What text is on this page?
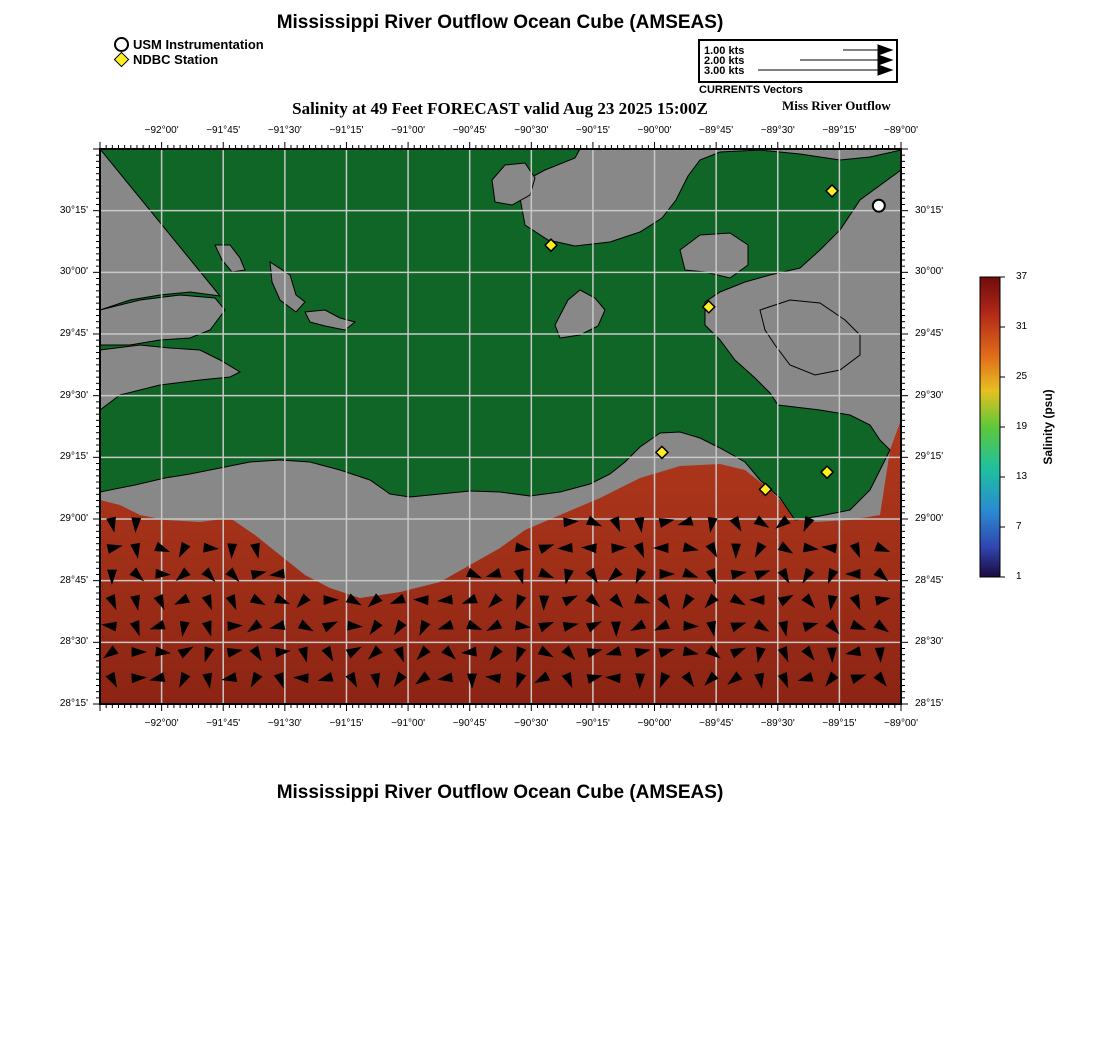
Mississippi River Outflow Ocean Cube (AMSEAS)
USM Instrumentation
NDBC Station
1.00 kts
2.00 kts
3.00 kts
CURRENTS Vectors
Salinity at 49 Feet FORECAST valid Aug 23 2025 15:00Z	Miss River Outflow
−92°00'	−91°45'	−91°30'	−91°15'	−91°00'	−90°45'	−90°30'	−90°15'	−90°00'	−89°45'	−89°30'	−89°15'	−89°00'
−92°00'	−91°45'	−91°30'	−91°15'	−91°00'	−90°45'	−90°30'	−90°15'	−90°00'	−89°45'	−89°30'	−89°15'	−89°00'
30°15'
30°00'
29°45'
29°30'
29°15'
29°00'
28°45'
28°30'
28°15'
30°15'
30°00'
29°45'
29°30'
29°15'
29°00'
28°45'
28°30'
28°15'
37
31
25
19
13
7
1
Salinity (psu)
Mississippi River Outflow Ocean Cube (AMSEAS)
